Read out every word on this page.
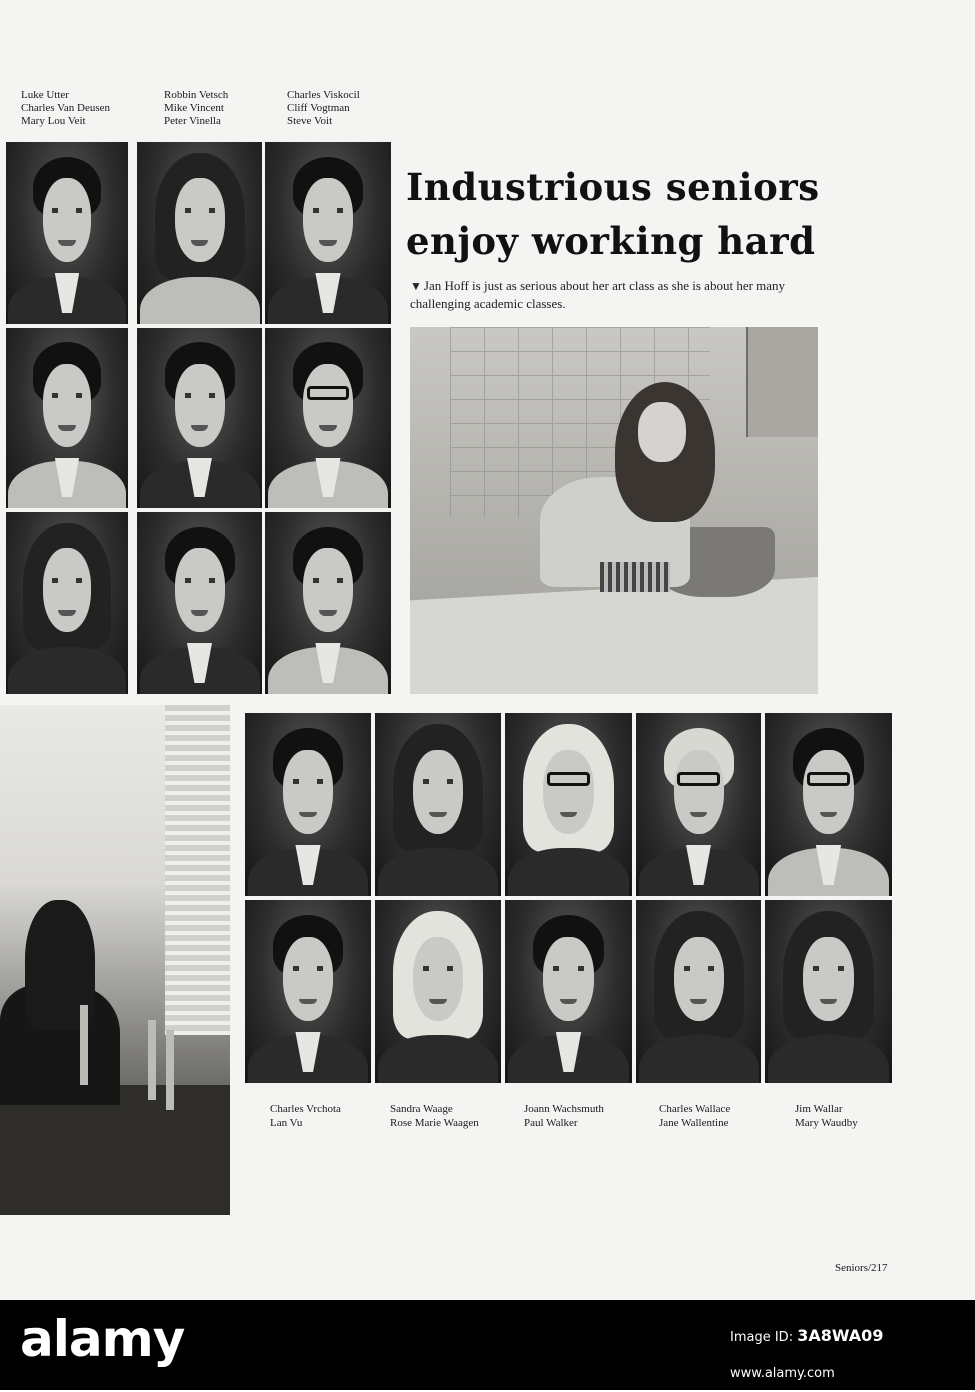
Luke Utter
Charles Van Deusen
Mary Lou Veit
Robbin Vetsch
Mike Vincent
Peter Vinella
Charles Viskocil
Cliff Vogtman
Steve Voit
Industrious seniors
enjoy working hard
▼ Jan Hoff is just as serious about her art class as she is about her many challenging academic classes.
Charles Vrchota
Lan Vu
Sandra Waage
Rose Marie Waagen
Joann Wachsmuth
Paul Walker
Charles Wallace
Jane Wallentine
Jim Wallar
Mary Waudby
Seniors/217
alamy	Image ID: 3A8WA09
www.alamy.com
